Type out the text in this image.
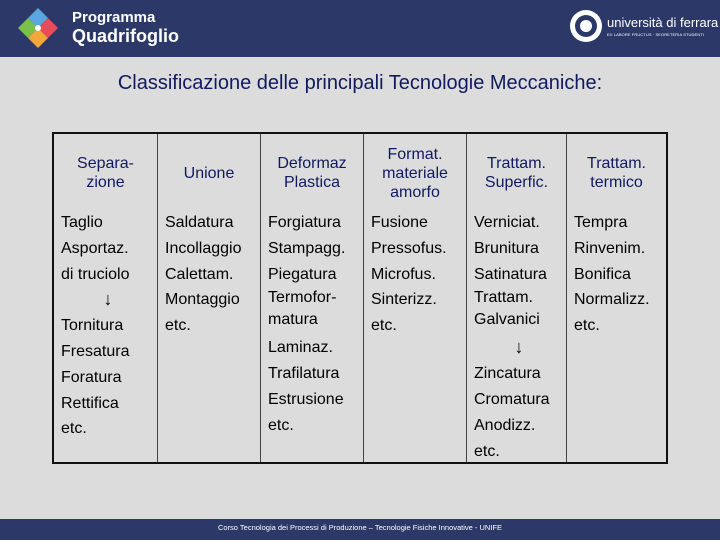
Programma
Quadrifoglio
università di ferrara
EX LABORE FRUCTUS · SEGRETERIA STUDENTI
Classificazione delle principali Tecnologie Meccaniche:
Separa-
zione
Taglio
Asportaz.
di truciolo
↓
Tornitura
Fresatura
Foratura
Rettifica
etc.
Unione
Saldatura
Incollaggio
Calettam.
Montaggio
etc.
Deformaz
Plastica
Forgiatura
Stampagg.
Piegatura
Termofor-
matura
Laminaz.
Trafilatura
Estrusione
etc.
Format.
materiale
amorfo
Fusione
Pressofus.
Microfus.
Sinterizz.
etc.
Trattam.
Superfic.
Verniciat.
Brunitura
Satinatura
Trattam.
Galvanici
↓
Zincatura
Cromatura
Anodizz.
etc.
Trattam.
termico
Tempra
Rinvenim.
Bonifica
Normalizz.
etc.
Corso Tecnologia dei Processi di Produzione – Tecnologie Fisiche Innovative - UNIFE
